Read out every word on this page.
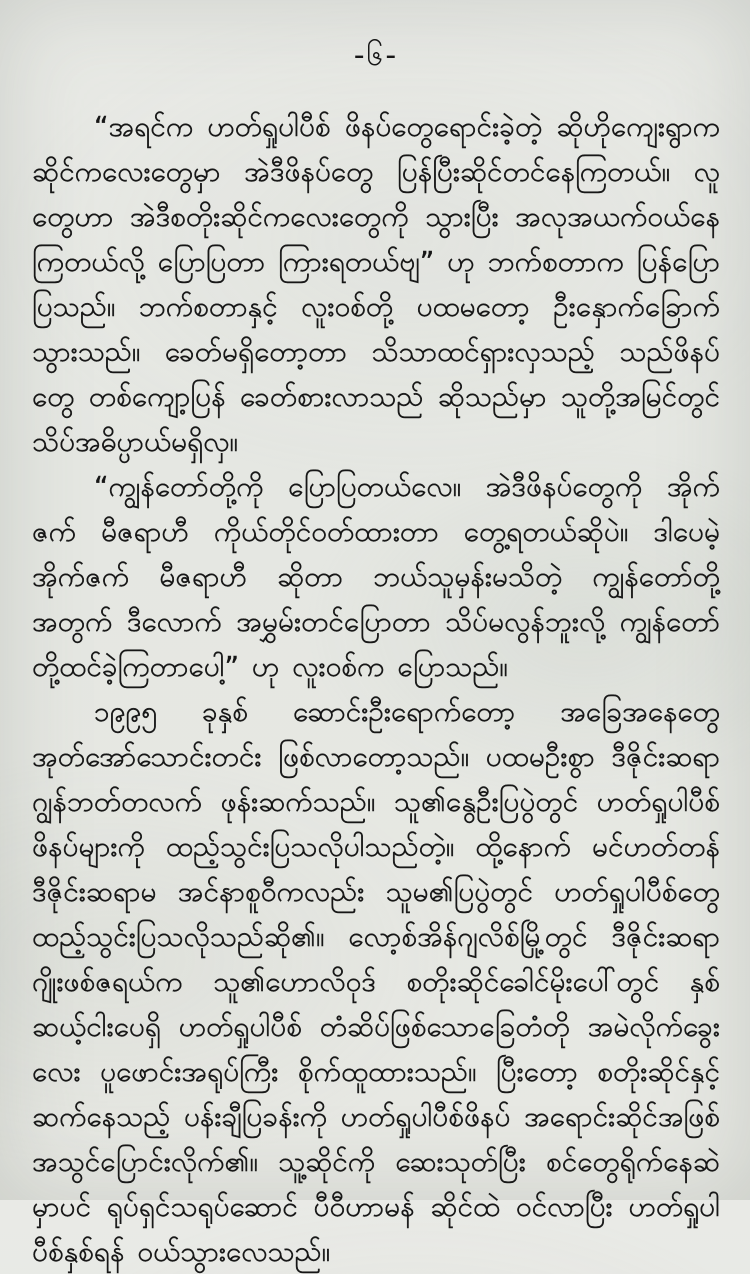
-၆-

“အရင်က ဟတ်ရှုပါပီစ် ဖိနပ်တွေရောင်းခဲ့တဲ့ ဆိုဟိုကျေးရွာက ဆိုင်ကလေးတွေမှာ အဲဒီဖိနပ်တွေ ပြန်ပြီးဆိုင်တင်နေကြတယ်။ လူတွေဟာ အဲဒီစတိုးဆိုင်ကလေးတွေကို သွားပြီး အလုအယက်ဝယ်နေကြတယ်လို့ ပြောပြတာ ကြားရတယ်ဗျ” ဟု ဘက်စတာက ပြန်ပြောပြသည်။ ဘက်စတာနှင့် လူးဝစ်တို့ ပထမတော့ ဦးနှောက်ခြောက်သွားသည်။ ခေတ်မရှိတော့တာ သိသာထင်ရှားလှသည့် သည်ဖိနပ်တွေ တစ်ကျော့ပြန် ခေတ်စားလာသည် ဆိုသည်မှာ သူတို့အမြင်တွင် သိပ်အဓိပ္ပာယ်မရှိလှ။

“ကျွန်တော်တို့ကို ပြောပြတယ်လေ။ အဲဒီဖိနပ်တွေကို အိုက်ဇက် မီဇရာဟီ ကိုယ်တိုင်ဝတ်ထားတာ တွေ့ရတယ်ဆိုပဲ။ ဒါပေမဲ့ အိုက်ဇက် မီဇရာဟီ ဆိုတာ ဘယ်သူမှန်းမသိတဲ့ ကျွန်တော်တို့အတွက် ဒီလောက် အမွှမ်းတင်ပြောတာ သိပ်မလွန်ဘူးလို့ ကျွန်တော်တို့ထင်ခဲ့ကြတာပေါ့” ဟု လူးဝစ်က ပြောသည်။

၁၉၉၅ ခုနှစ် ဆောင်းဦးရောက်တော့ အခြေအနေတွေ အုတ်အော်သောင်းတင်း ဖြစ်လာတော့သည်။ ပထမဦးစွာ ဒီဇိုင်းဆရာ ဂျွန်ဘတ်တလက် ဖုန်းဆက်သည်။ သူ၏နွေဦးပြပွဲတွင် ဟတ်ရှုပါပီစ် ဖိနပ်များကို ထည့်သွင်းပြသလိုပါသည်တဲ့။ ထို့နောက် မင်ဟတ်တန် ဒီဇိုင်းဆရာမ အင်နာစူဝီကလည်း သူမ၏ပြပွဲတွင် ဟတ်ရှုပါပီစ်တွေ ထည့်သွင်းပြသလိုသည်ဆို၏။ လော့စ်အိန်ဂျလိစ်မြို့တွင် ဒီဇိုင်းဆရာ ဂျိုးဖစ်ဇရယ်က သူ၏ဟောလိဝုဒ် စတိုးဆိုင်ခေါင်မိုးပေါ်တွင် နှစ်ဆယ့်ငါးပေရှိ ဟတ်ရှုပါပီစ် တံဆိပ်ဖြစ်သောခြေတံတို အမဲလိုက်ခွေးလေး ပူဖောင်းအရုပ်ကြီး စိုက်ထူထားသည်။ ပြီးတော့ စတိုးဆိုင်နှင့်ဆက်နေသည့် ပန်းချီပြခန်းကို ဟတ်ရှုပါပီစ်ဖိနပ် အရောင်းဆိုင်အဖြစ် အသွင်ပြောင်းလိုက်၏။ သူ့ဆိုင်ကို ဆေးသုတ်ပြီး စင်တွေရိုက်နေဆဲမှာပင် ရုပ်ရှင်သရုပ်ဆောင် ပီဝီဟာမန် ဆိုင်ထဲ ဝင်လာပြီး ဟတ်ရှုပါပီစ်နှစ်ရန် ဝယ်သွားလေသည်။
